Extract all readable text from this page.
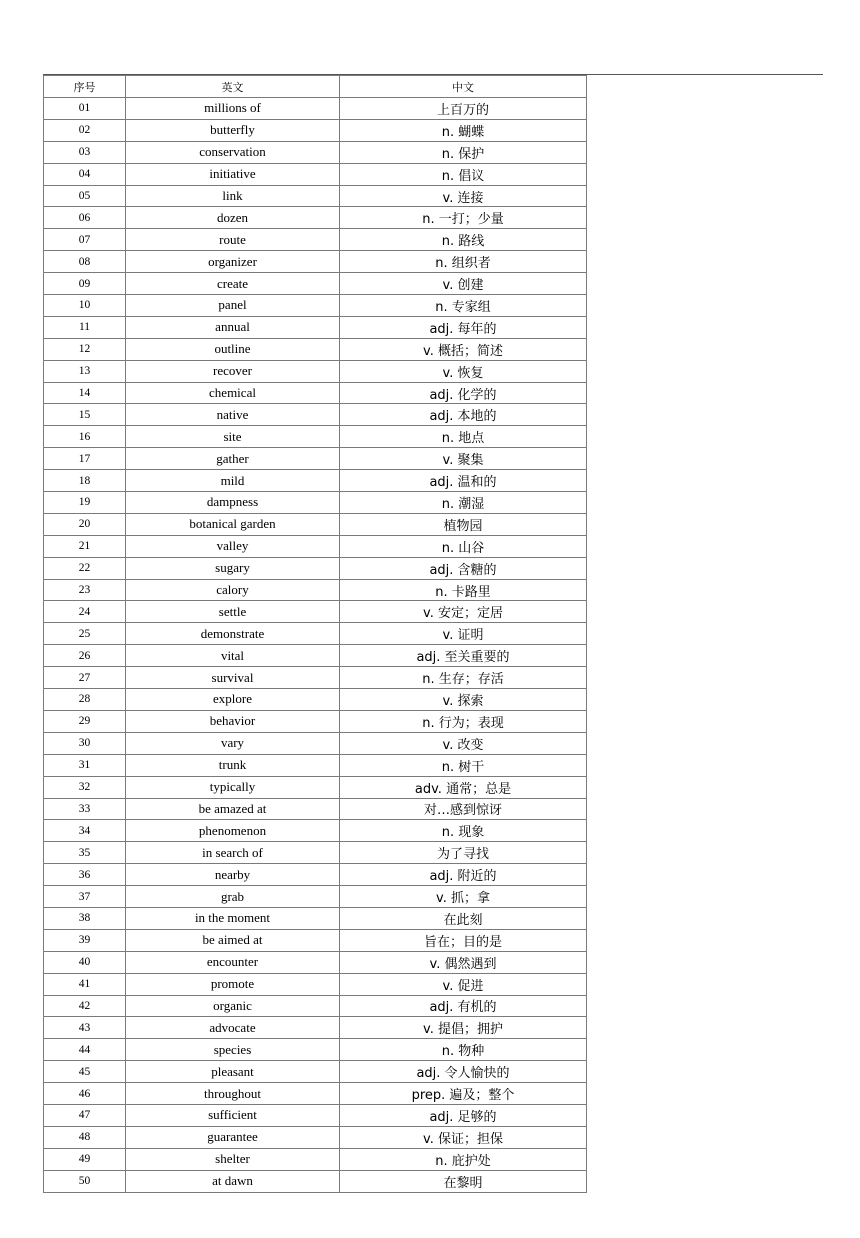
序号	英文	中文
01	millions of	上百万的
02	butterfly	n. 蝴蝶
03	conservation	n. 保护
04	initiative	n. 倡议
05	link	v. 连接
06	dozen	n. 一打；少量
07	route	n. 路线
08	organizer	n. 组织者
09	create	v. 创建
10	panel	n. 专家组
11	annual	adj. 每年的
12	outline	v. 概括；简述
13	recover	v. 恢复
14	chemical	adj. 化学的
15	native	adj. 本地的
16	site	n. 地点
17	gather	v. 聚集
18	mild	adj. 温和的
19	dampness	n. 潮湿
20	botanical garden	植物园
21	valley	n. 山谷
22	sugary	adj. 含糖的
23	calory	n. 卡路里
24	settle	v. 安定；定居
25	demonstrate	v. 证明
26	vital	adj. 至关重要的
27	survival	n. 生存；存活
28	explore	v. 探索
29	behavior	n. 行为；表现
30	vary	v. 改变
31	trunk	n. 树干
32	typically	adv. 通常；总是
33	be amazed at	对…感到惊讶
34	phenomenon	n. 现象
35	in search of	为了寻找
36	nearby	adj. 附近的
37	grab	v. 抓；拿
38	in the moment	在此刻
39	be aimed at	旨在；目的是
40	encounter	v. 偶然遇到
41	promote	v. 促进
42	organic	adj. 有机的
43	advocate	v. 提倡；拥护
44	species	n. 物种
45	pleasant	adj. 令人愉快的
46	throughout	prep. 遍及；整个
47	sufficient	adj. 足够的
48	guarantee	v. 保证；担保
49	shelter	n. 庇护处
50	at dawn	在黎明
